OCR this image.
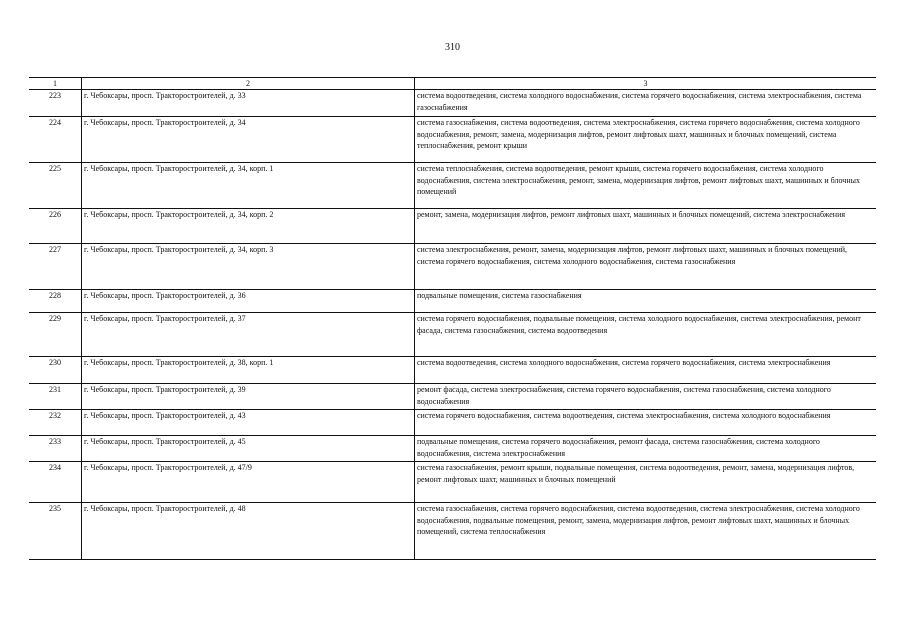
310
1	2	3
223	г. Чебоксары, просп. Тракторостроителей, д. 33	система водоотведения, система холодного водоснабжения, система горячего водоснабжения, система электроснабжения, система газоснабжения
224	г. Чебоксары, просп. Тракторостроителей, д. 34	система газоснабжения, система водоотведения, система электроснабжения, система горячего водоснабжения, система холодного водоснабжения, ремонт, замена, модернизация лифтов, ремонт лифтовых шахт, машинных и блочных помещений, система теплоснабжения, ремонт крыши
225	г. Чебоксары, просп. Тракторостроителей, д. 34, корп. 1	система теплоснабжения, система водоотведения, ремонт крыши, система горячего водоснабжения, система холодного водоснабжения, система электроснабжения, ремонт, замена, модернизация лифтов, ремонт лифтовых шахт, машинных и блочных помещений
226	г. Чебоксары, просп. Тракторостроителей, д. 34, корп. 2	ремонт, замена, модернизация лифтов, ремонт лифтовых шахт, машинных и блочных помещений, система электроснабжения
227	г. Чебоксары, просп. Тракторостроителей, д. 34, корп. 3	система электроснабжения, ремонт, замена, модернизация лифтов, ремонт лифтовых шахт, машинных и блочных помещений, система горячего водоснабжения, система холодного водоснабжения, система газоснабжения
228	г. Чебоксары, просп. Тракторостроителей, д. 36	подвальные помещения, система газоснабжения
229	г. Чебоксары, просп. Тракторостроителей, д. 37	система горячего водоснабжения, подвальные помещения, система холодного водоснабжения, система электроснабжения, ремонт фасада, система газоснабжения, система водоотведения
230	г. Чебоксары, просп. Тракторостроителей, д. 38, корп. 1	система водоотведения, система холодного водоснабжения, система горячего водоснабжения, система электроснабжения
231	г. Чебоксары, просп. Тракторостроителей, д. 39	ремонт фасада, система электроснабжения, система горячего водоснабжения, система газоснабжения, система холодного водоснабжения
232	г. Чебоксары, просп. Тракторостроителей, д. 43	система горячего водоснабжения, система водоотведения, система электроснабжения, система холодного водоснабжения
233	г. Чебоксары, просп. Тракторостроителей, д. 45	подвальные помещения, система горячего водоснабжения, ремонт фасада, система газоснабжения, система холодного водоснабжения, система электроснабжения
234	г. Чебоксары, просп. Тракторостроителей, д. 47/9	система газоснабжения, ремонт крыши, подвальные помещения, система водоотведения, ремонт, замена, модернизация лифтов, ремонт лифтовых шахт, машинных и блочных помещений
235	г. Чебоксары, просп. Тракторостроителей, д. 48	система газоснабжения, система горячего водоснабжения, система водоотведения, система электроснабжения, система холодного водоснабжения, подвальные помещения, ремонт, замена, модернизация лифтов, ремонт лифтовых шахт, машинных и блочных помещений, система теплоснабжения
